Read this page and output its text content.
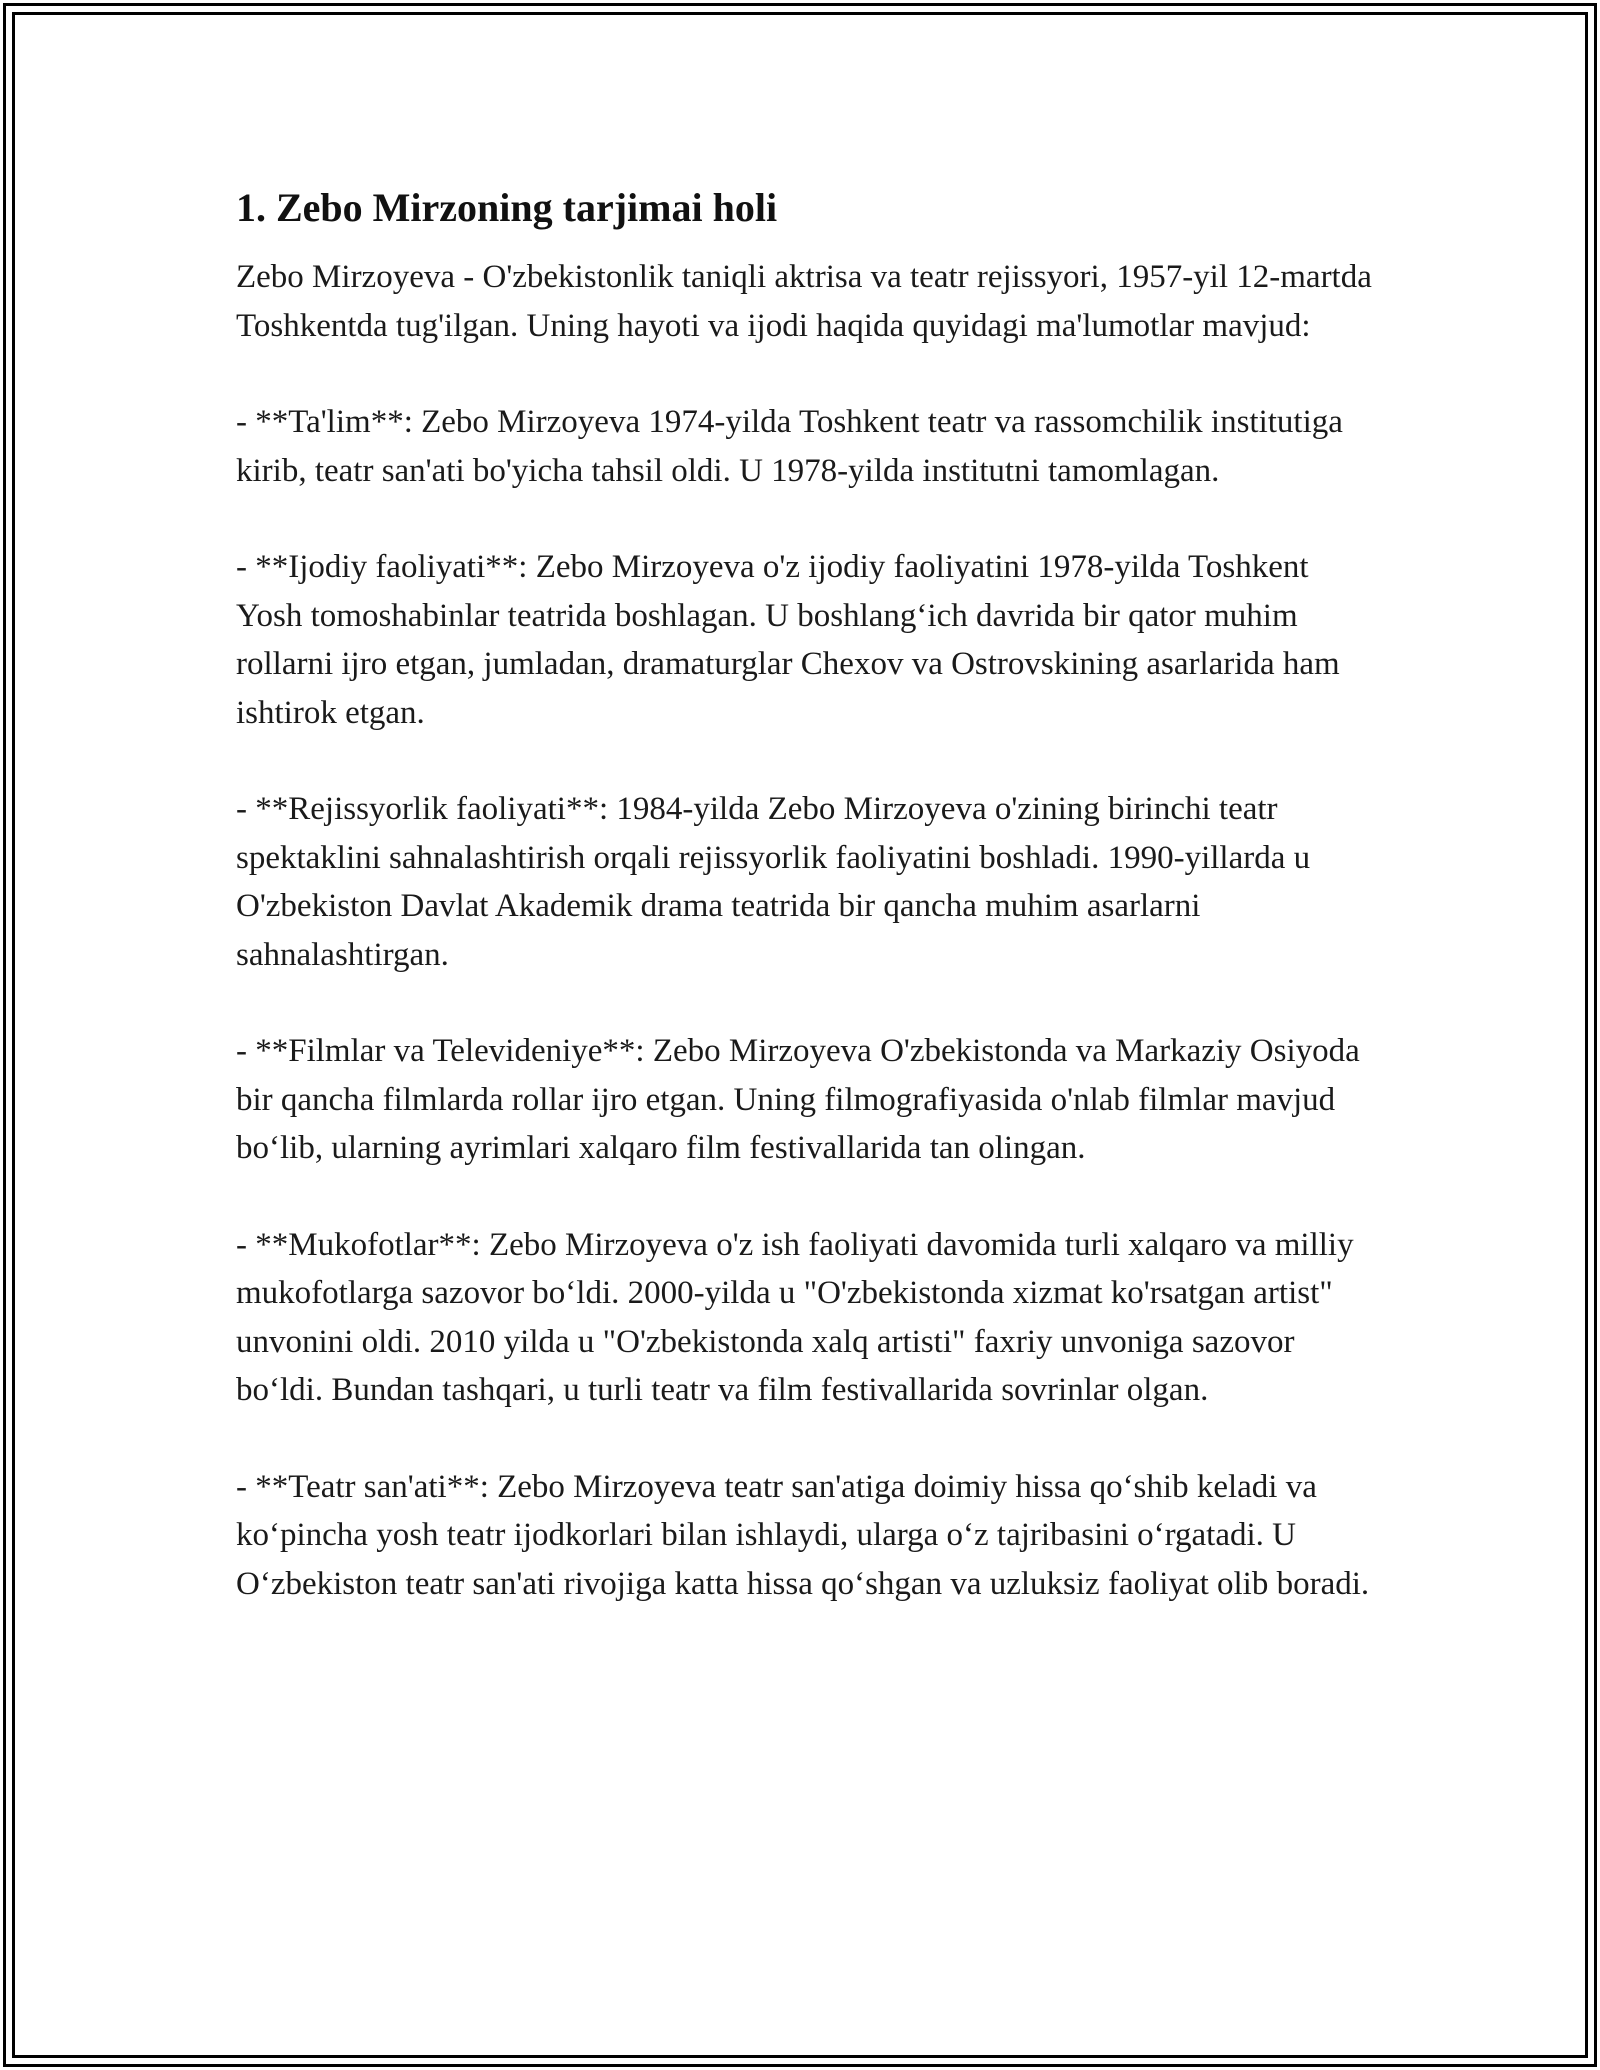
1. Zebo Mirzoning tarjimai holi

Zebo Mirzoyeva - O'zbekistonlik taniqli aktrisa va teatr rejissyori, 1957-yil 12-martda Toshkentda tug'ilgan. Uning hayoti va ijodi haqida quyidagi ma'lumotlar mavjud:

- **Ta'lim**: Zebo Mirzoyeva 1974-yilda Toshkent teatr va rassomchilik institutiga kirib, teatr san'ati bo'yicha tahsil oldi. U 1978-yilda institutni tamomlagan.

- **Ijodiy faoliyati**: Zebo Mirzoyeva o'z ijodiy faoliyatini 1978-yilda Toshkent Yosh tomoshabinlar teatrida boshlagan. U boshlang‘ich davrida bir qator muhim rollarni ijro etgan, jumladan, dramaturglar Chexov va Ostrovskining asarlarida ham ishtirok etgan.

- **Rejissyorlik faoliyati**: 1984-yilda Zebo Mirzoyeva o'zining birinchi teatr spektaklini sahnalashtirish orqali rejissyorlik faoliyatini boshladi. 1990-yillarda u O'zbekiston Davlat Akademik drama teatrida bir qancha muhim asarlarni sahnalashtirgan.

- **Filmlar va Televideniye**: Zebo Mirzoyeva O'zbekistonda va Markaziy Osiyoda bir qancha filmlarda rollar ijro etgan. Uning filmografiyasida o'nlab filmlar mavjud bo‘lib, ularning ayrimlari xalqaro film festivallarida tan olingan.

- **Mukofotlar**: Zebo Mirzoyeva o'z ish faoliyati davomida turli xalqaro va milliy mukofotlarga sazovor bo‘ldi. 2000-yilda u "O'zbekistonda xizmat ko'rsatgan artist" unvonini oldi. 2010 yilda u "O'zbekistonda xalq artisti" faxriy unvoniga sazovor bo‘ldi. Bundan tashqari, u turli teatr va film festivallarida sovrinlar olgan.

- **Teatr san'ati**: Zebo Mirzoyeva teatr san'atiga doimiy hissa qo‘shib keladi va ko‘pincha yosh teatr ijodkorlari bilan ishlaydi, ularga o‘z tajribasini o‘rgatadi. U O‘zbekiston teatr san'ati rivojiga katta hissa qo‘shgan va uzluksiz faoliyat olib boradi.
